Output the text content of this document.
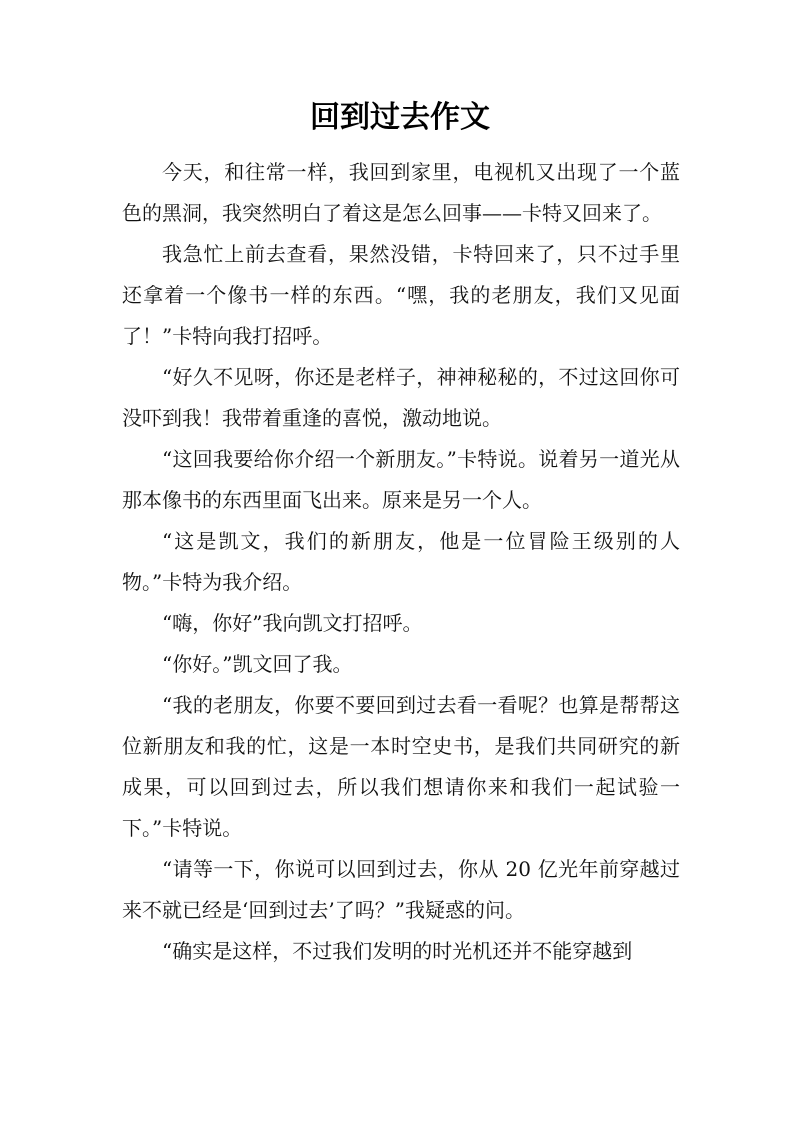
回到过去作文

今天，和往常一样，我回到家里，电视机又出现了一个蓝色的黑洞，我突然明白了着这是怎么回事——卡特又回来了。

我急忙上前去查看，果然没错，卡特回来了，只不过手里还拿着一个像书一样的东西。“嘿，我的老朋友，我们又见面了！”卡特向我打招呼。

“好久不见呀，你还是老样子，神神秘秘的，不过这回你可没吓到我！我带着重逢的喜悦，激动地说。

“这回我要给你介绍一个新朋友。”卡特说。说着另一道光从那本像书的东西里面飞出来。原来是另一个人。

“这是凯文，我们的新朋友，他是一位冒险王级别的人物。”卡特为我介绍。

“嗨，你好”我向凯文打招呼。

“你好。”凯文回了我。

“我的老朋友，你要不要回到过去看一看呢？也算是帮帮这位新朋友和我的忙，这是一本时空史书，是我们共同研究的新成果，可以回到过去，所以我们想请你来和我们一起试验一下。”卡特说。

“请等一下，你说可以回到过去，你从 20 亿光年前穿越过来不就已经是‘回到过去’了吗？”我疑惑的问。

“确实是这样，不过我们发明的时光机还并不能穿越到
